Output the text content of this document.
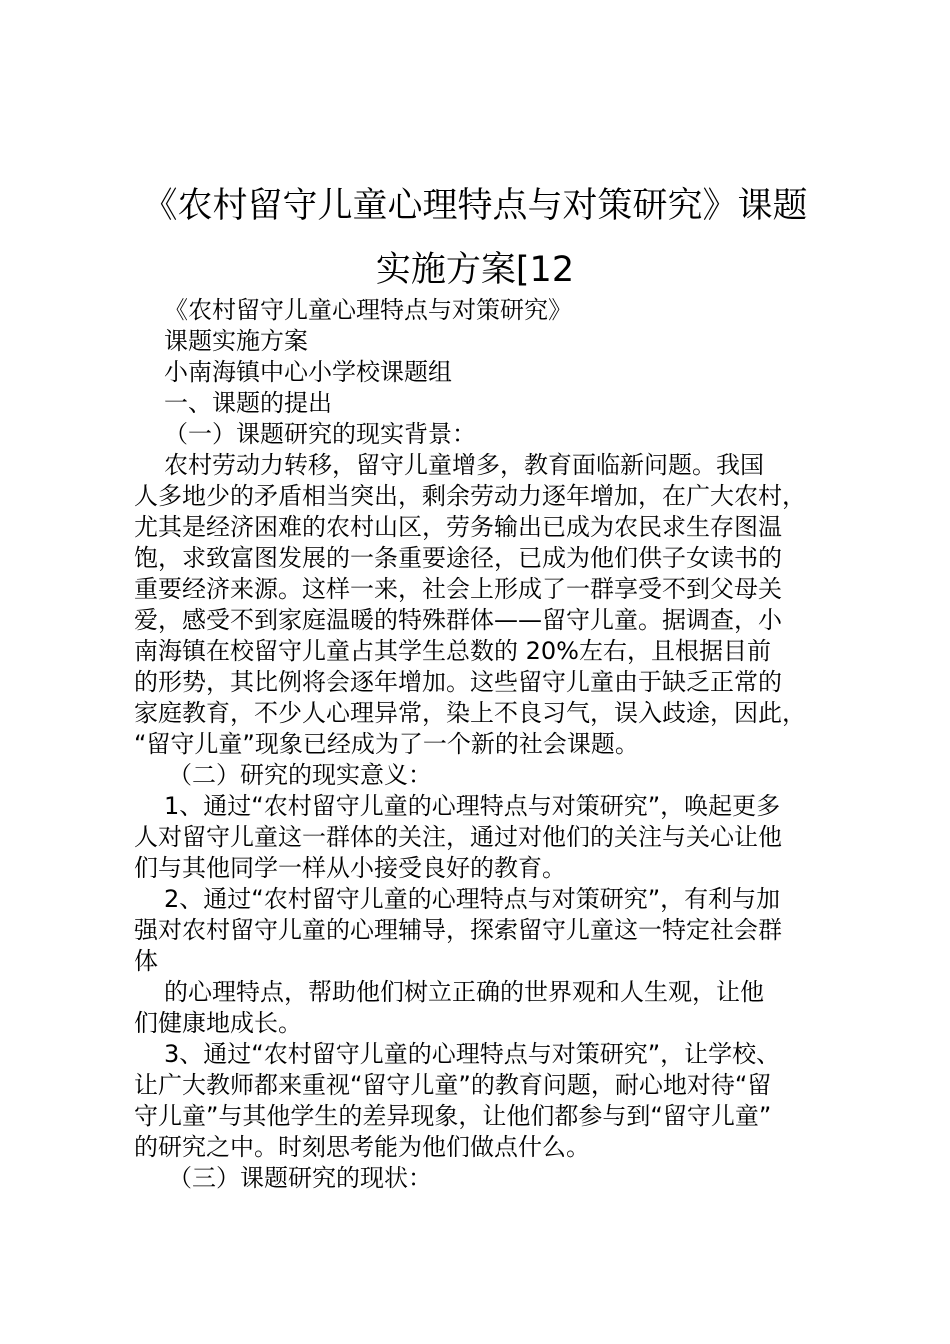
《农村留守儿童心理特点与对策研究》课题
实施方案[12

《农村留守儿童心理特点与对策研究》

课题实施方案

小南海镇中心小学校课题组

一、课题的提出

（一）课题研究的现实背景：

农村劳动力转移，留守儿童增多，教育面临新问题。我国

人多地少的矛盾相当突出，剩余劳动力逐年增加，在广大农村，

尤其是经济困难的农村山区，劳务输出已成为农民求生存图温

饱，求致富图发展的一条重要途径，已成为他们供子女读书的

重要经济来源。这样一来，社会上形成了一群享受不到父母关

爱，感受不到家庭温暖的特殊群体——留守儿童。据调查，小

南海镇在校留守儿童占其学生总数的 20%左右，且根据目前

的形势，其比例将会逐年增加。这些留守儿童由于缺乏正常的

家庭教育，不少人心理异常，染上不良习气，误入歧途，因此，

“留守儿童”现象已经成为了一个新的社会课题。

（二）研究的现实意义：

1、通过“农村留守儿童的心理特点与对策研究”，唤起更多

人对留守儿童这一群体的关注，通过对他们的关注与关心让他

们与其他同学一样从小接受良好的教育。

2、通过“农村留守儿童的心理特点与对策研究”，有利与加

强对农村留守儿童的心理辅导，探索留守儿童这一特定社会群

体

的心理特点，帮助他们树立正确的世界观和人生观，让他

们健康地成长。

3、通过“农村留守儿童的心理特点与对策研究”，让学校、

让广大教师都来重视“留守儿童”的教育问题，耐心地对待“留

守儿童”与其他学生的差异现象，让他们都参与到“留守儿童”

的研究之中。时刻思考能为他们做点什么。

（三）课题研究的现状：
